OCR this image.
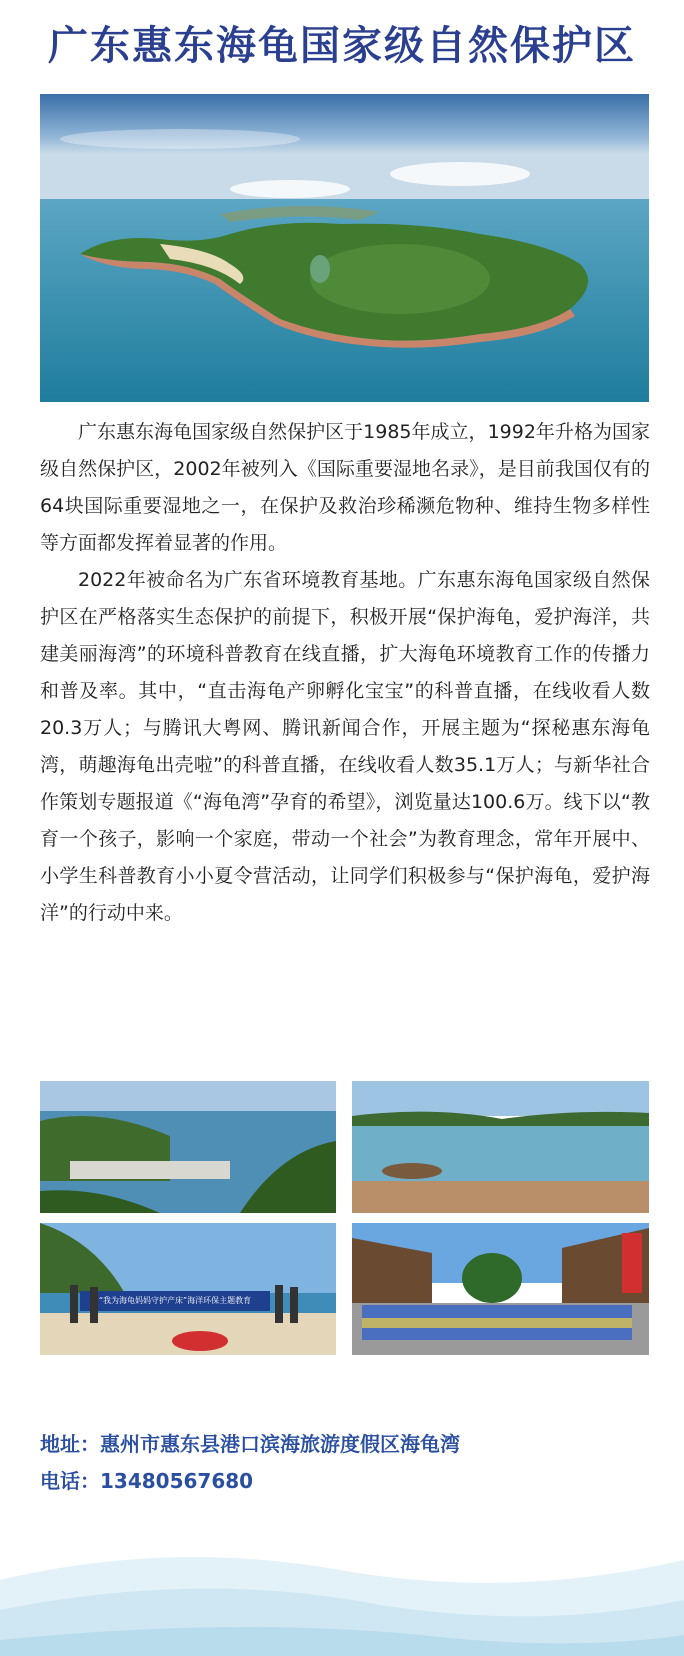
广东惠东海龟国家级自然保护区

广东惠东海龟国家级自然保护区于1985年成立，1992年升格为国家级自然保护区，2002年被列入《国际重要湿地名录》，是目前我国仅有的64块国际重要湿地之一，在保护及救治珍稀濒危物种、维持生物多样性等方面都发挥着显著的作用。

2022年被命名为广东省环境教育基地。广东惠东海龟国家级自然保护区在严格落实生态保护的前提下，积极开展“保护海龟，爱护海洋，共建美丽海湾”的环境科普教育在线直播，扩大海龟环境教育工作的传播力和普及率。其中，“直击海龟产卵孵化宝宝”的科普直播，在线收看人数20.3万人；与腾讯大粤网、腾讯新闻合作，开展主题为“探秘惠东海龟湾，萌趣海龟出壳啦”的科普直播，在线收看人数35.1万人；与新华社合作策划专题报道《“海龟湾”孕育的希望》，浏览量达100.6万。线下以“教育一个孩子，影响一个家庭，带动一个社会”为教育理念，常年开展中、小学生科普教育小小夏令营活动，让同学们积极参与“保护海龟，爱护海洋”的行动中来。

“我为海龟妈妈守护产床”海洋环保主题教育
地址：惠州市惠东县港口滨海旅游度假区海龟湾
电话：13480567680
